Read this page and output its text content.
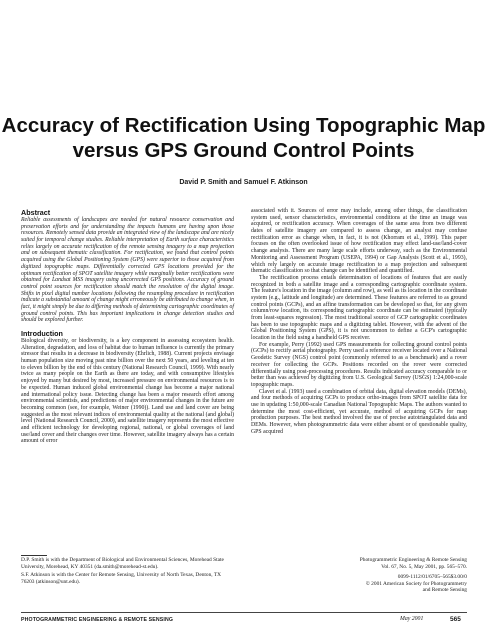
Accuracy of Rectification Using Topographic Map
versus GPS Ground Control Points
David P. Smith and Samuel F. Atkinson
Abstract

Reliable assessments of landscapes are needed for natural resource conservation and preservation efforts and for understanding the impacts humans are having upon those resources. Remotely sensed data provide an integrated view of the landscape and are nicely suited for temporal change studies. Reliable interpretation of Earth surface characteristics relies largely on accurate rectification of the remote sensing imagery to a map projection and on subsequent thematic classification. For rectification, we found that control points acquired using the Global Positioning System (GPS) were superior to those acquired from digitized topographic maps. Differentially corrected GPS locations provided for the optimum rectification of SPOT satellite imagery while marginally better rectifications were obtained for Landsat MSS imagery using uncorrected GPS positions. Accuracy of ground control point sources for rectification should match the resolution of the digital image. Shifts in pixel digital number locations following the resampling procedure in rectification indicate a substantial amount of change might erroneously be attributed to change when, in fact, it might simply be due to differing methods of determining cartographic coordinates of ground control points. This has important implications in change detection studies and should be explored further.

Introduction

Biological diversity, or biodiversity, is a key component in assessing ecosystem health. Alteration, degradation, and loss of habitat due to human influence is currently the primary stressor that results in a decrease in biodiversity (Ehrlich, 1988). Current projects envisage human population size moving past nine billion over the next 50 years, and leveling at ten to eleven billion by the end of this century (National Research Council, 1999). With nearly twice as many people on the Earth as there are today, and with consumptive lifestyles enjoyed by many but desired by most, increased pressure on environmental resources is to be expected. Human induced global environmental change has become a major national and international policy issue. Detecting change has been a major research effort among environmental scientists, and predictions of major environmental changes in the future are becoming common (see, for example, Weiner (1990)). Land use and land cover are being suggested as the most relevant indices of environmental quality at the national (and global) level (National Research Council, 2000), and satellite imagery represents the most effective and efficient technology for developing regional, national, or global coverages of land use/land cover and their changes over time. However, satellite imagery always has a certain amount of error

associated with it. Sources of error may include, among other things, the classification system used, sensor characteristics, environmental conditions at the time an image was acquired, or rectification accuracy. When coverages of the same area from two different dates of satellite imagery are compared to assess change, an analyst may confuse rectification error as change when, in fact, it is not (Khorram et al., 1999). This paper focuses on the often overlooked issue of how rectification may effect land-use/land-cover change analysis. There are many large scale efforts underway, such as the Environmental Monitoring and Assessment Program (USEPA, 1994) or Gap Analysis (Scott et al., 1993), which rely largely on accurate image rectification to a map projection and subsequent thematic classification so that change can be identified and quantified.

The rectification process entails determination of locations of features that are easily recognized in both a satellite image and a corresponding cartographic coordinate system. The feature's location in the image (column and row), as well as its location in the coordinate system (e.g., latitude and longitude) are determined. These features are referred to as ground control points (GCPs), and an affine transformation can be developed so that, for any given column/row location, its corresponding cartographic coordinate can be estimated (typically from least-squares regression). The most traditional source of GCP cartographic coordinates has been to use topographic maps and a digitizing tablet. However, with the advent of the Global Positioning System (GPS), it is not uncommon to define a GCP's cartographic location in the field using a handheld GPS receiver.

For example, Perry (1992) used GPS measurements for collecting ground control points (GCPs) to rectify aerial photography. Perry used a reference receiver located over a National Geodetic Survey (NGS) control point (commonly referred to as a benchmark) and a rover receiver for collecting the GCPs. Positions recorded on the rover were corrected differentially using post-processing procedures. Results indicated accuracy comparable to or better than was achieved by digitizing from U.S. Geological Survey (USGS) 1:24,000-scale topographic maps.

Clavet et al. (1993) used a combination of orbital data, digital elevation models (DEMs), and four methods of acquiring GCPs to produce ortho-images from SPOT satellite data for use in updating 1:50,000-scale Canadian National Topographic Maps. The authors wanted to determine the most cost-efficient, yet accurate, method of acquiring GCPs for map production purposes. The best method involved the use of precise autotriangulated data and DEMs. However, when photogrammetric data were either absent or of questionable quality, GPS acquired

D.P. Smith is with the Department of Biological and Environmental Sciences, Morehead State University, Morehead, KY 40351 (da.smith@morehead-st.edu).

S.F. Atkinson is with the Center for Remote Sensing, University of North Texas, Denton, TX 76203 (atkinson@unt.edu).

Photogrammetric Engineering & Remote Sensing

Vol. 67, No. 5, May 2001, pp. 565–570.

0099-1112/01/6705–565$3.00/0

© 2001 American Society for Photogrammetry

and Remote Sensing

PHOTOGRAMMETRIC ENGINEERING & REMOTE SENSING	May 2001	565
